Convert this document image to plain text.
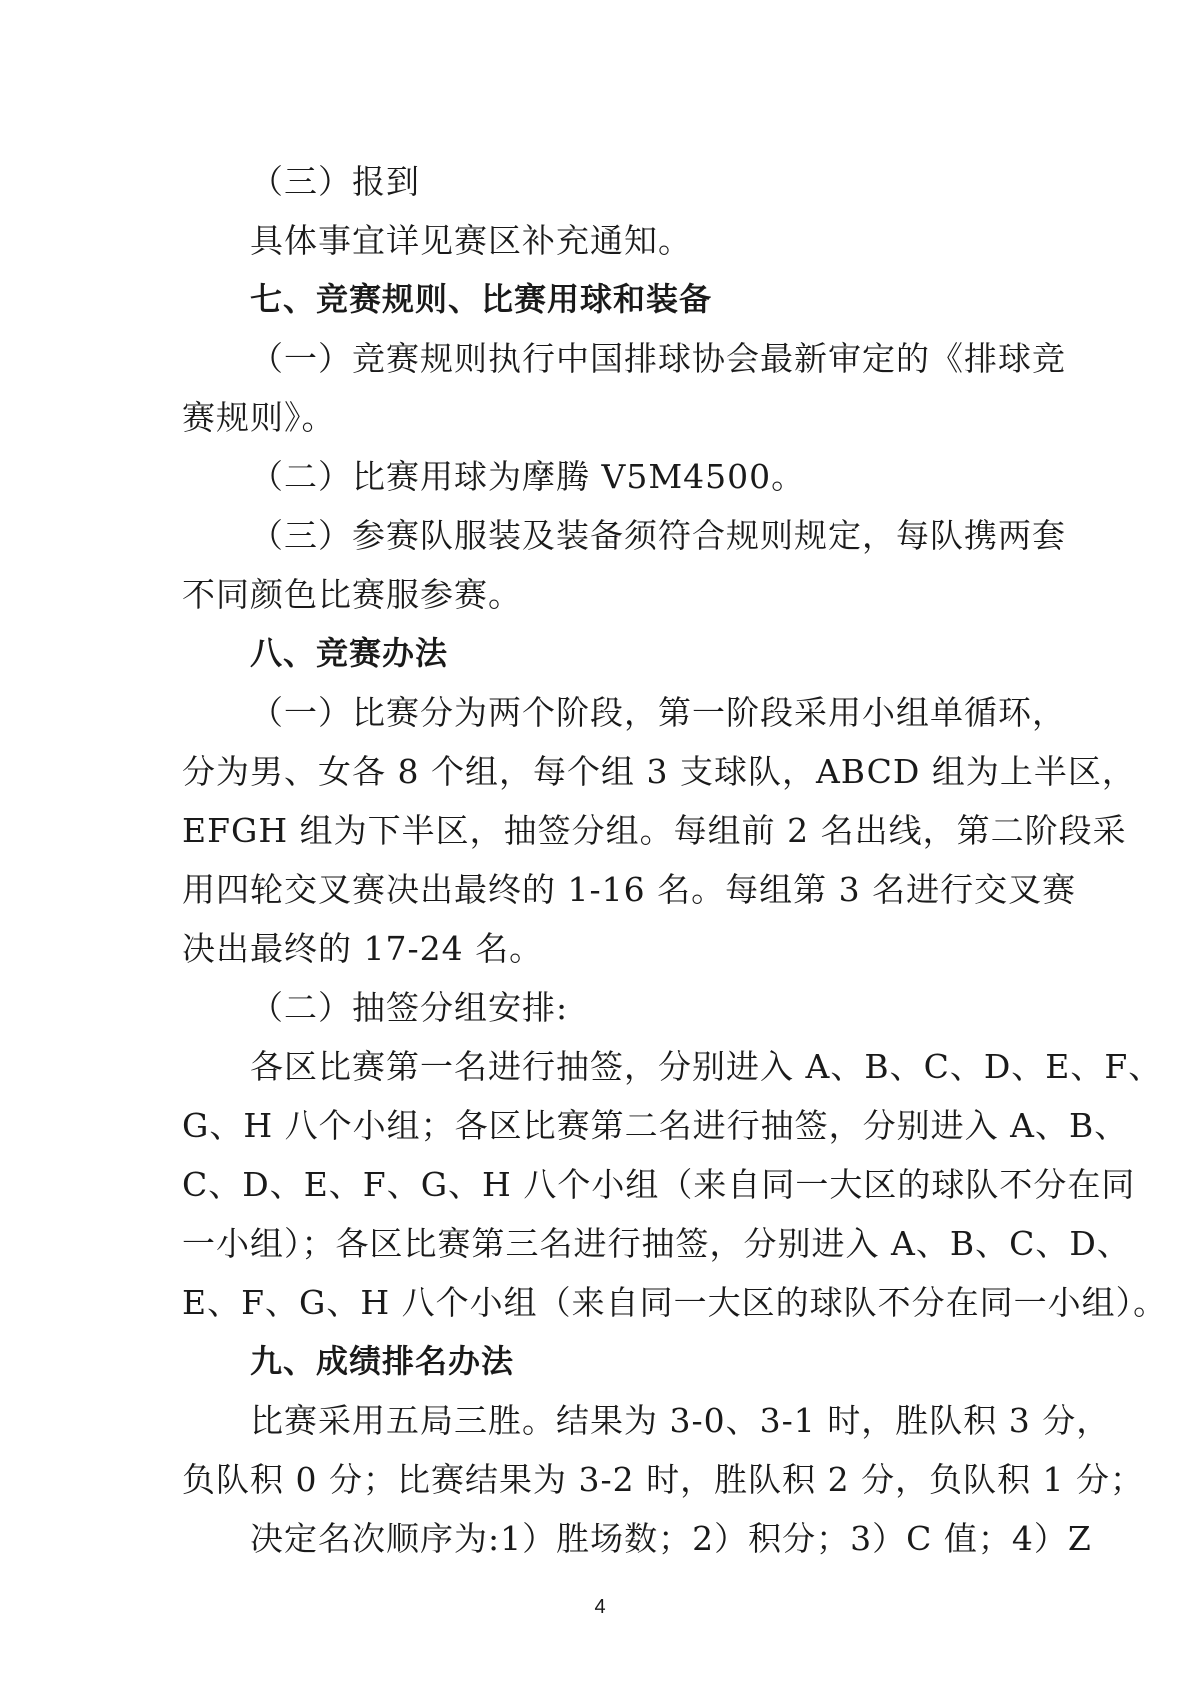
（三）报到
具体事宜详见赛区补充通知。
七、竞赛规则、比赛用球和装备
（一）竞赛规则执行中国排球协会最新审定的《排球竞
赛规则》。
（二）比赛用球为摩腾 V5M4500。
（三）参赛队服装及装备须符合规则规定，每队携两套
不同颜色比赛服参赛。
八、竞赛办法
（一）比赛分为两个阶段，第一阶段采用小组单循环，
分为男、女各 8 个组，每个组 3 支球队，ABCD 组为上半区，
EFGH 组为下半区，抽签分组。每组前 2 名出线，第二阶段采
用四轮交叉赛决出最终的 1-16 名。每组第 3 名进行交叉赛
决出最终的 17-24 名。
（二）抽签分组安排:
各区比赛第一名进行抽签，分别进入 A、B、C、D、E、F、
G、H 八个小组；各区比赛第二名进行抽签，分别进入 A、B、
C、D、E、F、G、H 八个小组（来自同一大区的球队不分在同
一小组）；各区比赛第三名进行抽签，分别进入 A、B、C、D、
E、F、G、H 八个小组（来自同一大区的球队不分在同一小组）。
九、成绩排名办法
比赛采用五局三胜。结果为 3-0、3-1 时，胜队积 3 分，
负队积 0 分；比赛结果为 3-2 时，胜队积 2 分，负队积 1 分；
决定名次顺序为:1）胜场数；2）积分；3）C 值；4）Z
4
